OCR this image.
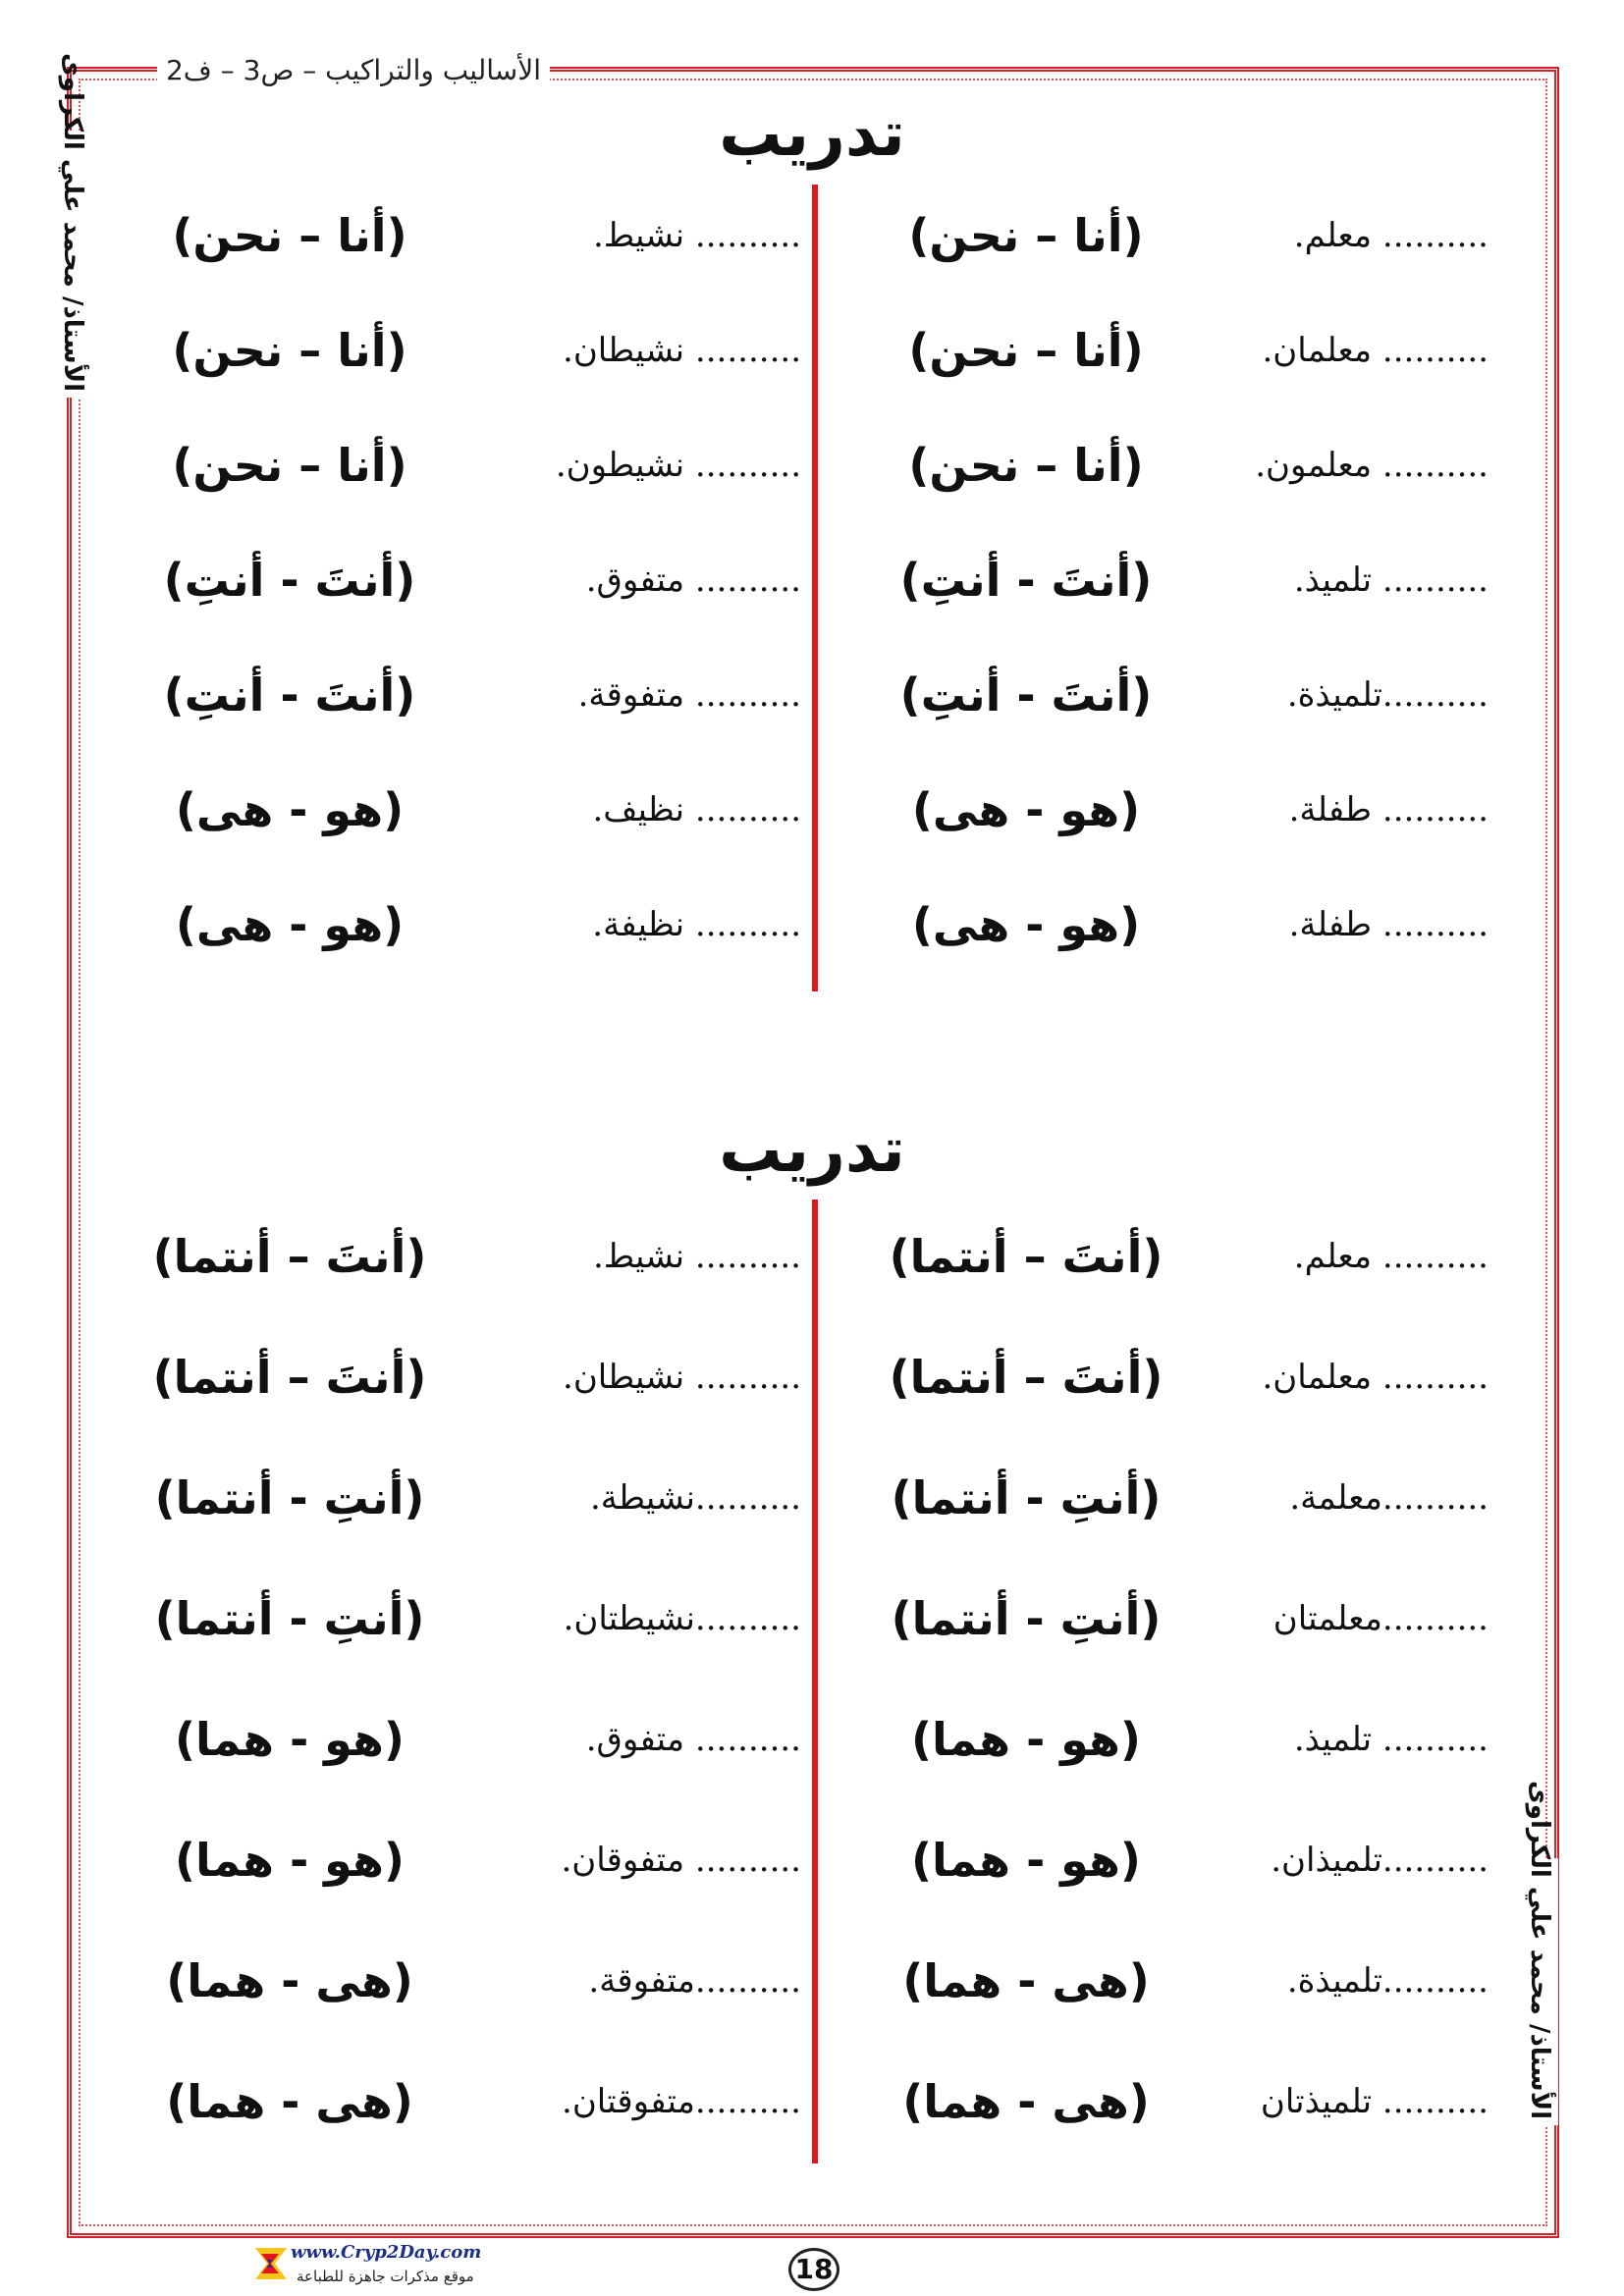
الأساليب والتراكيب – ص3 – ف2
الأستاذ/ محمد علي الكراوى
الأستاذ/ محمد علي الكراوى
تدريب
.......... معلم.
(أنا – نحن)
.......... معلمان.
(أنا – نحن)
.......... معلمون.
(أنا – نحن)
.......... تلميذ.
(أنتَ - أنتِ)
..........تلميذة.
(أنتَ - أنتِ)
.......... طفلة.
(هو - هى)
.......... طفلة.
(هو - هى)
.......... نشيط.
(أنا – نحن)
.......... نشيطان.
(أنا – نحن)
.......... نشيطون.
(أنا – نحن)
.......... متفوق.
(أنتَ - أنتِ)
.......... متفوقة.
(أنتَ - أنتِ)
.......... نظيف.
(هو - هى)
.......... نظيفة.
(هو - هى)
تدريب
.......... معلم.
(أنتَ – أنتما)
.......... معلمان.
(أنتَ – أنتما)
..........معلمة.
(أنتِ - أنتما)
..........معلمتان
(أنتِ - أنتما)
.......... تلميذ.
(هو - هما)
..........تلميذان.
(هو - هما)
..........تلميذة.
(هى - هما)
.......... تلميذتان
(هى - هما)
.......... نشيط.
(أنتَ – أنتما)
.......... نشيطان.
(أنتَ – أنتما)
..........نشيطة.
(أنتِ - أنتما)
..........نشيطتان.
(أنتِ - أنتما)
.......... متفوق.
(هو - هما)
.......... متفوقان.
(هو - هما)
..........متفوقة.
(هى - هما)
..........متفوقتان.
(هى - هما)
www.Cryp2Day.com
موقع مذكرات جاهزة للطباعة	18
